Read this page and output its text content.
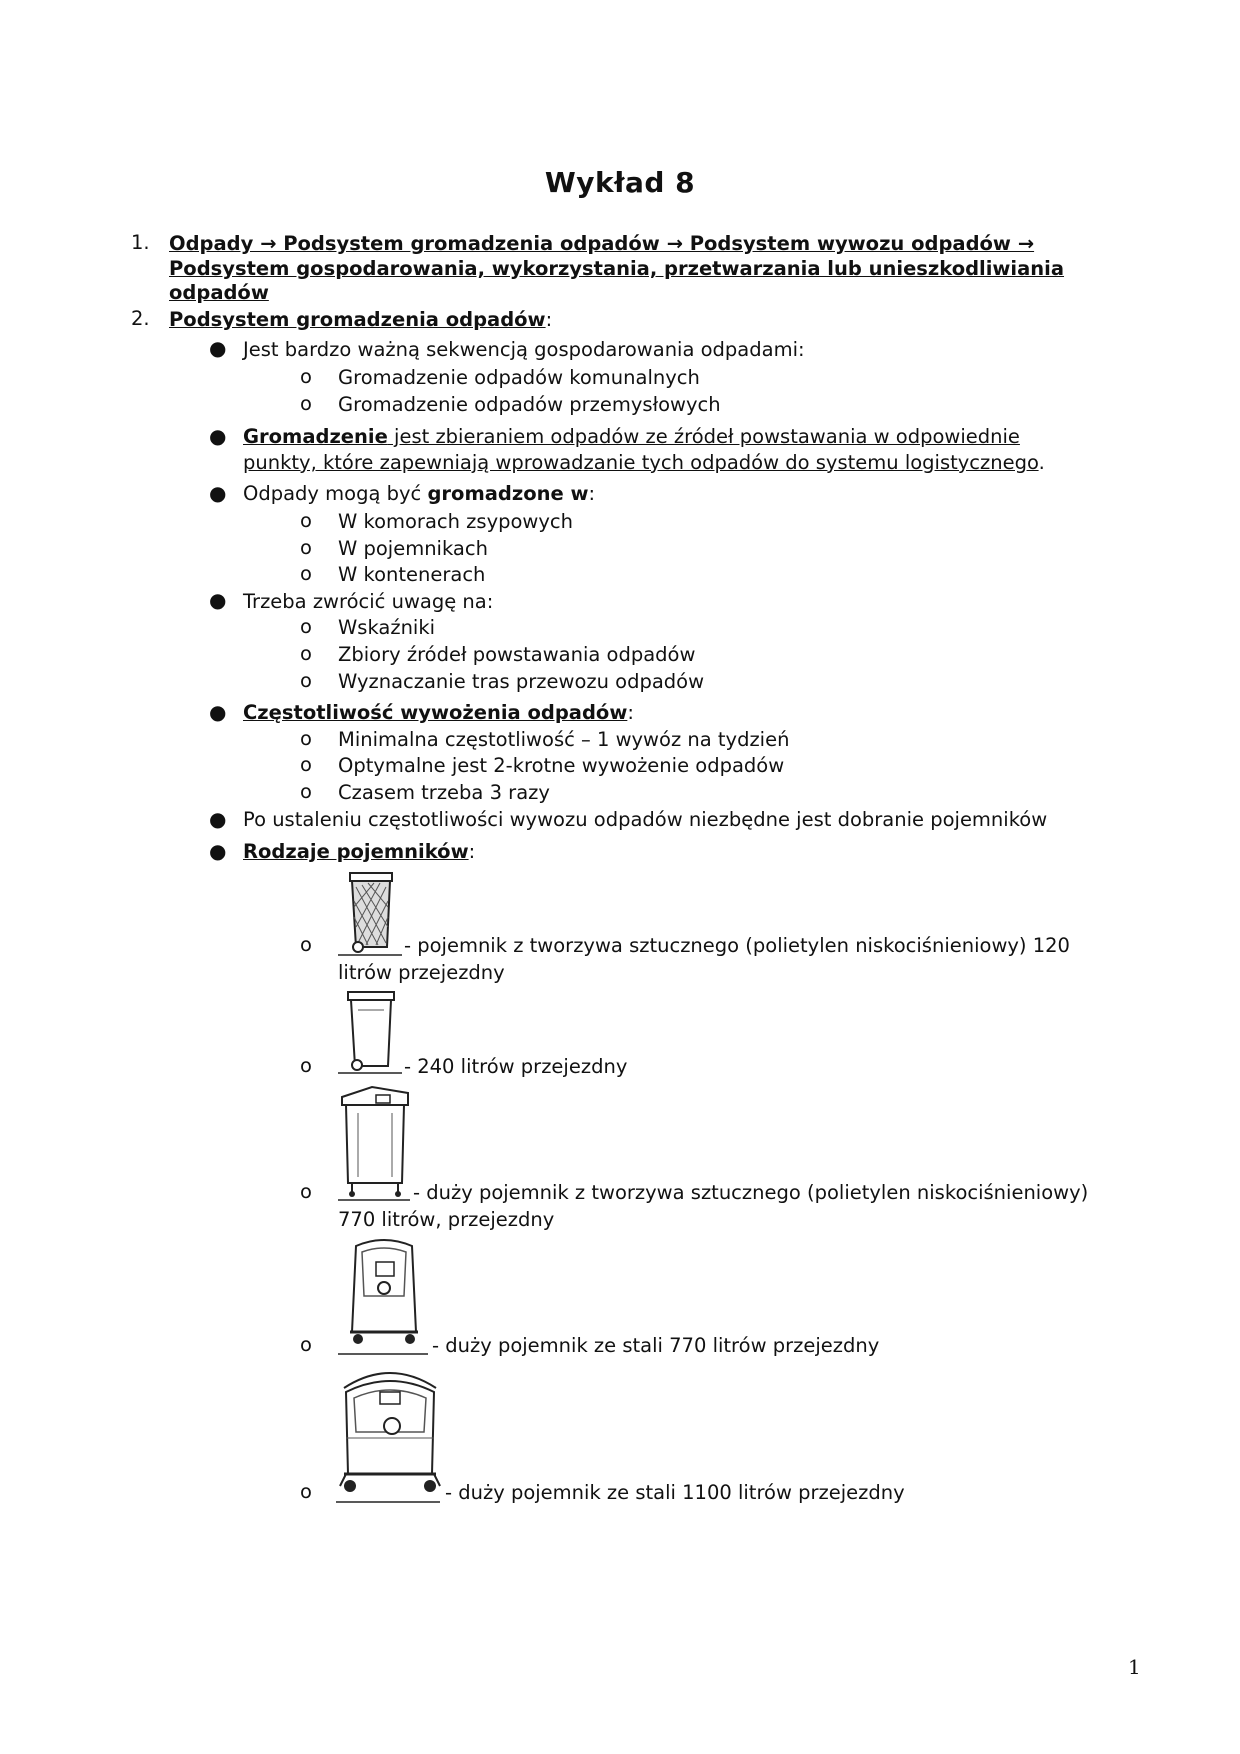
Wykład 8
1. Odpady → Podsystem gromadzenia odpadów → Podsystem wywozu odpadów →
Podsystem gospodarowania, wykorzystania, przetwarzania lub unieszkodliwiania
odpadów
2. Podsystem gromadzenia odpadów:
● Jest bardzo ważną sekwencją gospodarowania odpadami:
o Gromadzenie odpadów komunalnych
o Gromadzenie odpadów przemysłowych
● Gromadzenie jest zbieraniem odpadów ze źródeł powstawania w odpowiednie
punkty, które zapewniają wprowadzanie tych odpadów do systemu logistycznego.
● Odpady mogą być gromadzone w:
o W komorach zsypowych
o W pojemnikach
o W kontenerach
● Trzeba zwrócić uwagę na:
o Wskaźniki
o Zbiory źródeł powstawania odpadów
o Wyznaczanie tras przewozu odpadów
● Częstotliwość wywożenia odpadów:
o Minimalna częstotliwość – 1 wywóz na tydzień
o Optymalne jest 2-krotne wywożenie odpadów
o Czasem trzeba 3 razy
● Po ustaleniu częstotliwości wywozu odpadów niezbędne jest dobranie pojemników
● Rodzaje pojemników:
o	- pojemnik z tworzywa sztucznego (polietylen niskociśnieniowy) 120
litrów przejezdny
o	- 240 litrów przejezdny
o	- duży pojemnik z tworzywa sztucznego (polietylen niskociśnieniowy)
770 litrów, przejezdny
o	- duży pojemnik ze stali 770 litrów przejezdny
o	- duży pojemnik ze stali 1100 litrów przejezdny
1
